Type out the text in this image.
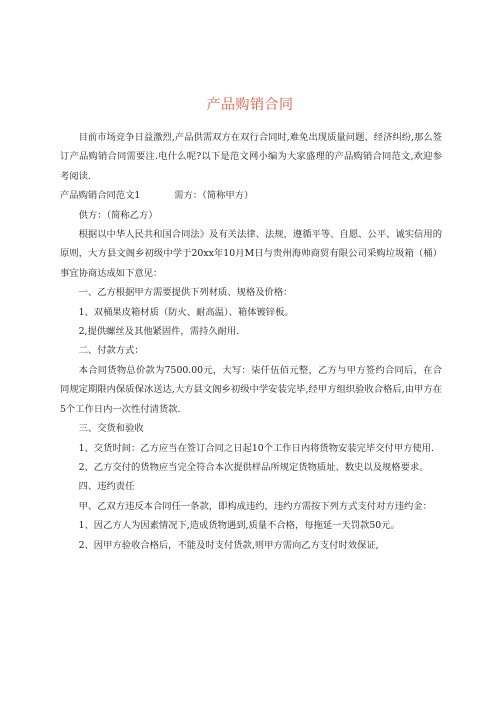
产品购销合同

目前市场竞争日益激烈,产品供需双方在双行合同时,难免出现质量问题、经济纠纷,那么签订产品购销合同需要注.电什么呢?以下是范文网小编为大家盛理的产品购销合同范文,欢迎参考阅读.

产品购销合同范文1	需方：（简称甲方）

供方：（简称乙方）

根据以中华人民共和国合同法》及有关法律、法规，遵循平等、自愿、公平、诚实信用的原则，大方县文阁乡初级中学于20xx年10月M日与贵州海帅商贸有限公司采购垃圾箱（桶）事宜协商达成如下意见：

一、乙方根据甲方需要提供下列材质、规格及价格：

1、双桶果皮箱材质（防火、耐高温）、箱体镀锌板。

2,提供螺丝及其他紧固件，需持久耐用.

二、付款方式：

本合同货物总价款为7500.00元，大写：柒仟伍佰元整，乙方与甲方签约合同后，在合同规定期限内保质保冰送达,大方县文阁乡初级中学安装完毕,经甲方组织验收合格后,由甲方在5个工作日内一次性付清货款.

三、交货和验收

1、交货时间：乙方应当在签订合同之日起10个工作日内将货物安装完毕交付甲方使用.

2、乙方交付的货物应当完全符合本次提供样品所规定货物质址、数史以及规格要求。

四、违约责任

甲、乙双方违反本合同任一条款，即构成违约，违约方需按下列方式支付对方违约金：

1、因乙方人为因素情况下,造成货物遇到,质量不合格，每拖延一天罚款50元。

2、因甲方验收合格后，不能及时支付货款,则甲方需向乙方支付时效保证,
